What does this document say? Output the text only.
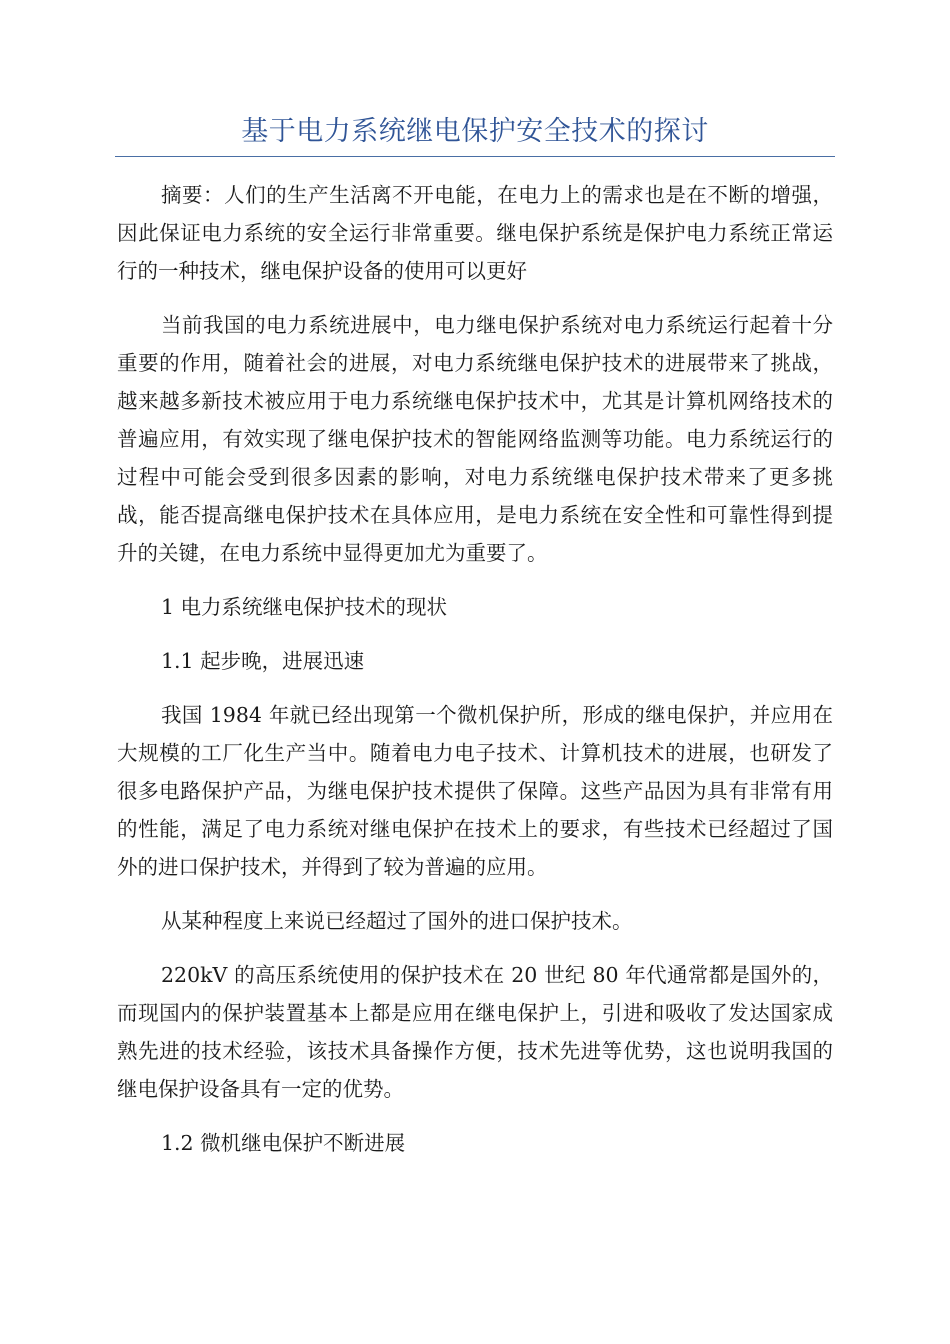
基于电力系统继电保护安全技术的探讨

摘要：人们的生产生活离不开电能，在电力上的需求也是在不断的增强，因此保证电力系统的安全运行非常重要。继电保护系统是保护电力系统正常运行的一种技术，继电保护设备的使用可以更好

当前我国的电力系统进展中，电力继电保护系统对电力系统运行起着十分重要的作用，随着社会的进展，对电力系统继电保护技术的进展带来了挑战，越来越多新技术被应用于电力系统继电保护技术中，尤其是计算机网络技术的普遍应用，有效实现了继电保护技术的智能网络监测等功能。电力系统运行的过程中可能会受到很多因素的影响，对电力系统继电保护技术带来了更多挑战，能否提高继电保护技术在具体应用，是电力系统在安全性和可靠性得到提升的关键，在电力系统中显得更加尤为重要了。

1 电力系统继电保护技术的现状

1.1 起步晚，进展迅速

我国 1984 年就已经出现第一个微机保护所，形成的继电保护，并应用在大规模的工厂化生产当中。随着电力电子技术、计算机技术的进展，也研发了很多电路保护产品，为继电保护技术提供了保障。这些产品因为具有非常有用的性能，满足了电力系统对继电保护在技术上的要求，有些技术已经超过了国外的进口保护技术，并得到了较为普遍的应用。

从某种程度上来说已经超过了国外的进口保护技术。

220kV 的高压系统使用的保护技术在 20 世纪 80 年代通常都是国外的，而现国内的保护装置基本上都是应用在继电保护上，引进和吸收了发达国家成熟先进的技术经验，该技术具备操作方便，技术先进等优势，这也说明我国的继电保护设备具有一定的优势。

1.2 微机继电保护不断进展
